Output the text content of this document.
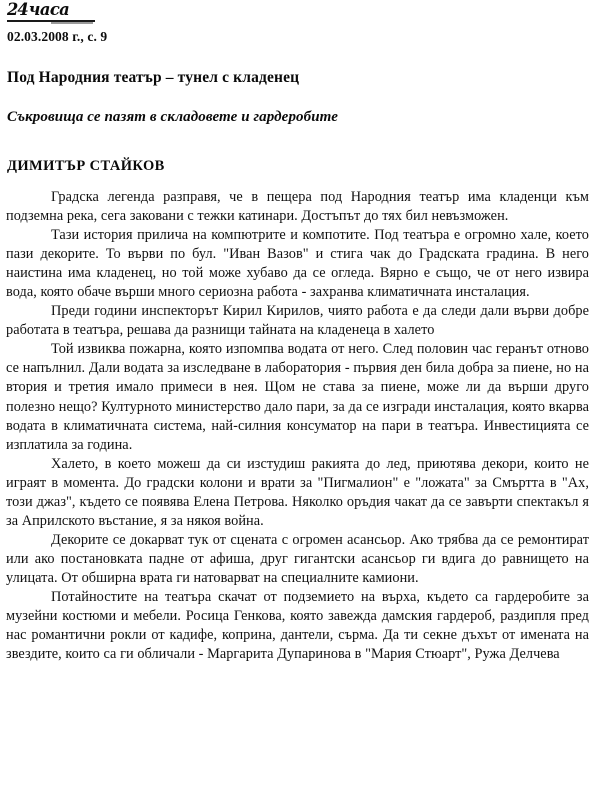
24часа
02.03.2008 г., с. 9
Под Народния театър – тунел с кладенец
Съкровища се пазят в складовете и гардеробите
ДИМИТЪР СТАЙКОВ

Градска легенда разправя, че в пещера под Народния театър има кладенци към подземна река, сега заковани с тежки катинари. Достъпът до тях бил невъзможен.

Тази история прилича на компютрите и компотите. Под театъра е огромно хале, което пази декорите. То върви по бул. "Иван Вазов" и стига чак до Градската градина. В него наистина има кладенец, но той може хубаво да се огледа. Вярно е също, че от него извира вода, която обаче върши много сериозна работа - захранва климатичната инсталация.

Преди години инспекторът Кирил Кирилов, чиято работа е да следи дали върви добре работата в театъра, решава да разнищи тайната на кладенеца в халето

Той извиква пожарна, която изпомпва водата от него. След половин час геранът отново се напълнил. Дали водата за изследване в лаборатория - първия ден била добра за пиене, но на втория и третия имало примеси в нея. Щом не става за пиене, може ли да върши друго полезно нещо? Културното министерство дало пари, за да се изгради инсталация, която вкарва водата в климатичната система, най-силния консуматор на пари в театъра. Инвестицията се изплатила за година.

Халето, в което можеш да си изстудиш ракията до лед, приютява декори, които не играят в момента. До градски колони и врати за "Пигмалион" е "ложата" за Смъртта в "Ах, този джаз", където се появява Елена Петрова. Няколко оръдия чакат да се завърти спектакъл я за Априлското въстание, я за някоя война.

Декорите се докарват тук от сцената с огромен асансьор. Ако трябва да се ремонтират или ако постановката падне от афиша, друг гигантски асансьор ги вдига до равнището на улицата. От обширна врата ги натоварват на специалните камиони.

Потайностите на театъра скачат от подземието на върха, където са гардеробите за музейни костюми и мебели. Росица Генкова, която завежда дамския гардероб, раздипля пред нас романтични рокли от кадифе, коприна, дантели, сърма. Да ти секне дъхът от имената на звездите, които са ги обличали - Маргарита Дупаринова в "Мария Стюарт", Ружа Делчева
